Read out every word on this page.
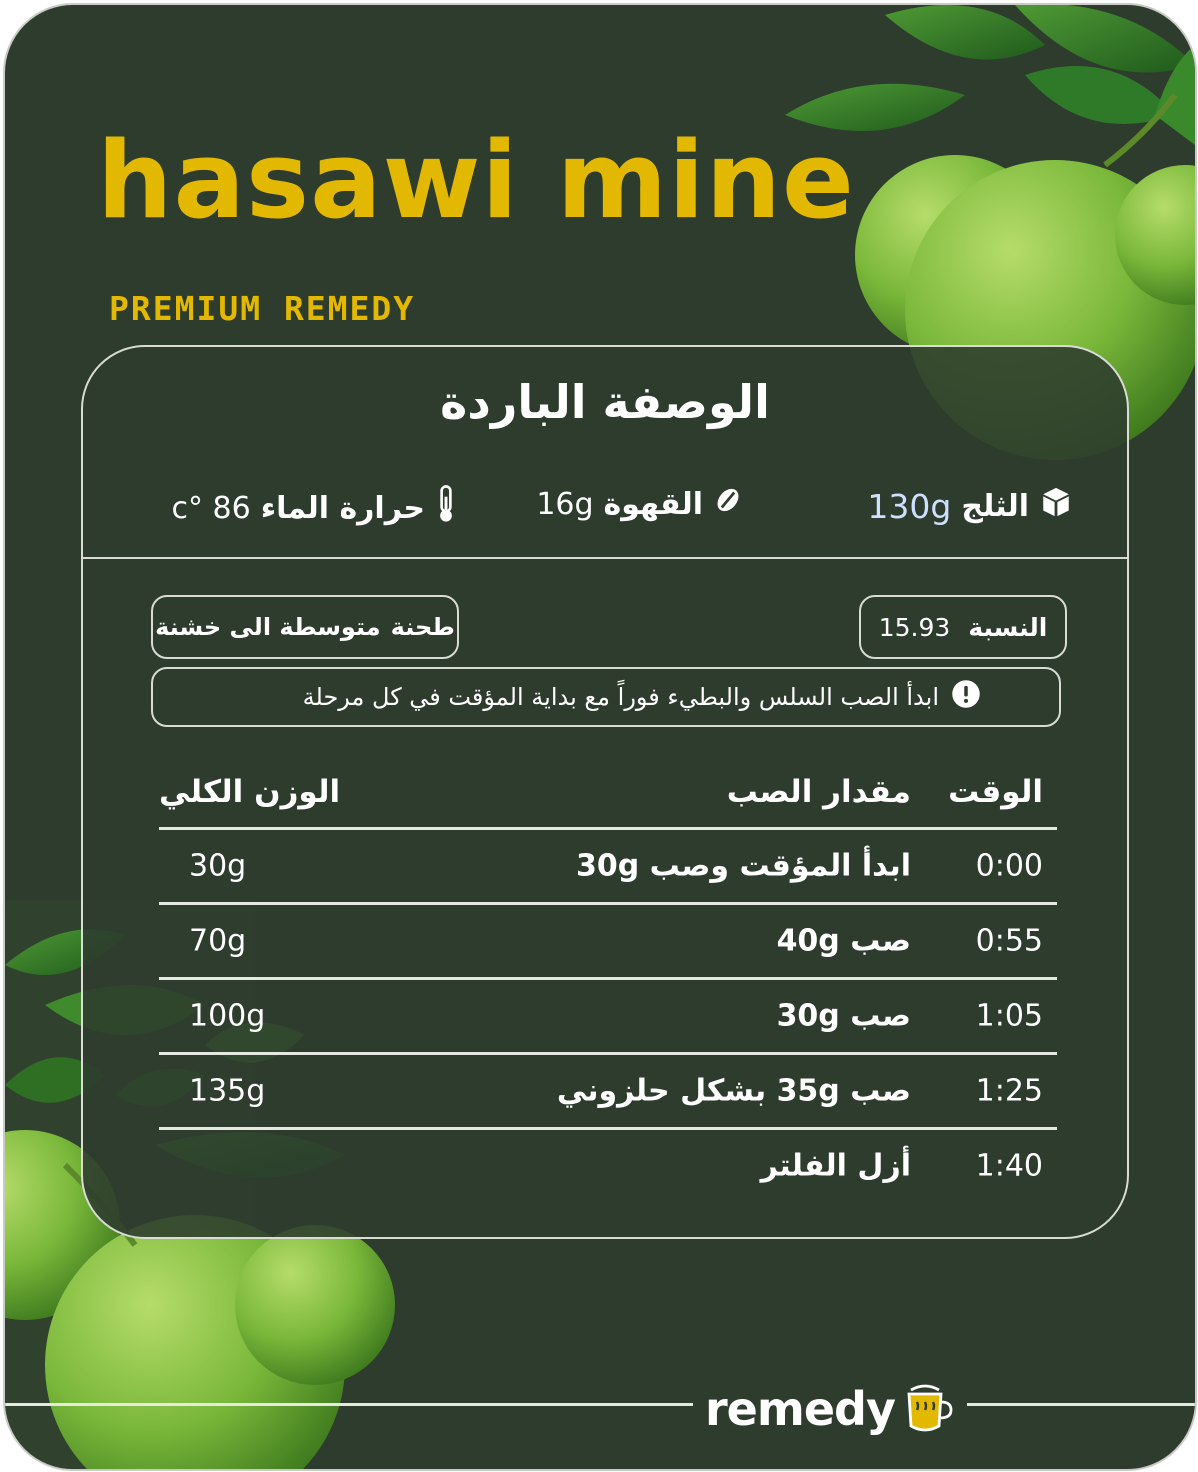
hasawi mine
PREMIUM REMEDY
الوصفة الباردة
الثلج
130g
القهوة
16g
حرارة الماء
86 °c
النسبة
15.93
طحنة
متوسطة الى خشنة
ابدأ الصب السلس والبطيء فوراً مع بداية المؤقت في كل مرحلة
الوقت
مقدار الصب
الوزن الكلي
0:00
ابدأ المؤقت وصب 30g
30g
0:55
صب 40g
70g
1:05
صب 30g
100g
1:25
صب 35g بشكل حلزوني
135g
1:40
أزل الفلتر
remedy
